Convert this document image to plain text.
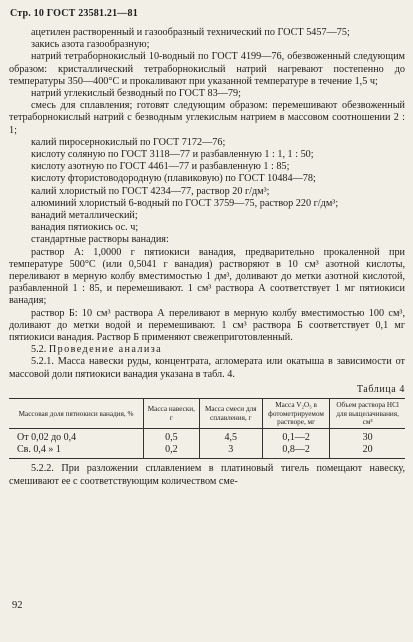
Стр. 10 ГОСТ 23581.21—81

ацетилен растворенный и газообразный технический по ГОСТ 5457—75;

закись азота газообразную;

натрий тетраборнокислый 10-водный по ГОСТ 4199—76, обезвоженный следующим образом: кристаллический тетраборнокислый натрий нагревают постепенно до температуры 350—400°С и прокаливают при указанной температуре в течение 1,5 ч;

натрий углекислый безводный по ГОСТ 83—79;

смесь для сплавления; готовят следующим образом: перемешивают обезвоженный тетраборнокислый натрий с безводным углекислым натрием в массовом соотношении 2 : 1;

калий пиросернокислый по ГОСТ 7172—76;

кислоту соляную по ГОСТ 3118—77 и разбавленную 1 : 1, 1 : 50;

кислоту азотную по ГОСТ 4461—77 и разбавленную 1 : 85;

кислоту фтористоводородную (плавиковую) по ГОСТ 10484—78;

калий хлористый по ГОСТ 4234—77, раствор 20 г/дм³;

алюминий хлористый 6-водный по ГОСТ 3759—75, раствор 220 г/дм³;

ванадий металлический;

ванадия пятиокись ос. ч;

стандартные растворы ванадия:

раствор А: 1,0000 г пятиокиси ванадия, предварительно прокаленной при температуре 500°С (или 0,5041 г ванадия) растворяют в 10 см³ азотной кислоты, переливают в мерную колбу вместимостью 1 дм³, доливают до метки азотной кислотой, разбавленной 1 : 85, и перемешивают. 1 см³ раствора А соответствует 1 мг пятиокиси ванадия;

раствор Б: 10 см³ раствора А переливают в мерную колбу вместимостью 100 см³, доливают до метки водой и перемешивают. 1 см³ раствора Б соответствует 0,1 мг пятиокиси ванадия. Раствор Б применяют свежеприготовленный.

5.2. Проведение анализа

5.2.1. Масса навески руды, концентрата, агломерата или окатыша в зависимости от массовой доли пятиокиси ванадия указана в табл. 4.

Таблица 4
Массовая доля пятиокиси ванадия, %	Масса навески, г	Масса смеси для сплавления, г	Масса V₂O₅ в фотометрируемом растворе, мг	Объем раствора HCl для выщелачивания, см³
От 0,02 до 0,4	0,5	4,5	0,1—2	30
Св. 0,4 » 1	0,2	3	0,8—2	20

5.2.2. При разложении сплавлением в платиновый тигель помещают навеску, смешивают ее с соответствующим количеством сме-

92
